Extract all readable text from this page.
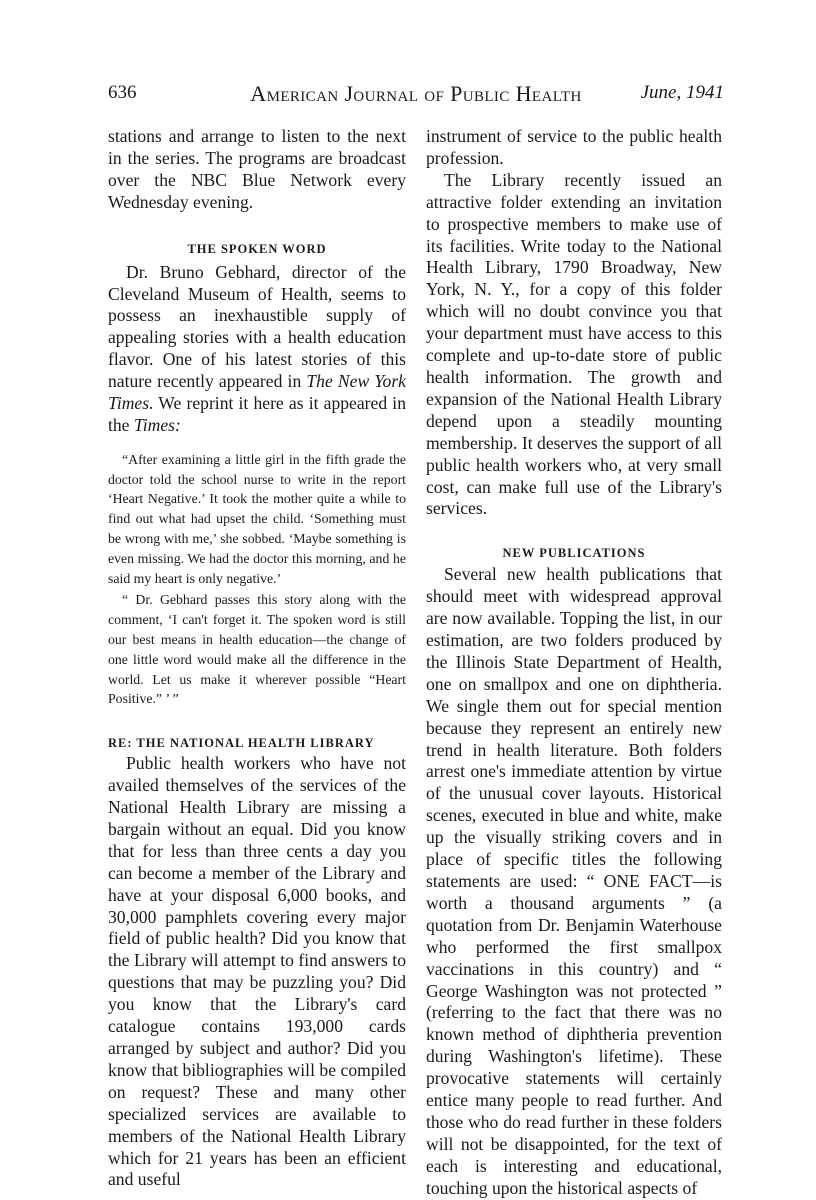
636	American Journal of Public Health	June, 1941

stations and arrange to listen to the next in the series. The programs are broadcast over the NBC Blue Network every Wednesday evening.

THE SPOKEN WORD

Dr. Bruno Gebhard, director of the Cleveland Museum of Health, seems to possess an inexhaustible supply of appealing stories with a health education flavor. One of his latest stories of this nature recently appeared in The New York Times. We reprint it here as it appeared in the Times:

“After examining a little girl in the fifth grade the doctor told the school nurse to write in the report ‘Heart Negative.’ It took the mother quite a while to find out what had upset the child. ‘Something must be wrong with me,’ she sobbed. ‘Maybe something is even missing. We had the doctor this morning, and he said my heart is only negative.’

“ Dr. Gebhard passes this story along with the comment, ‘I can't forget it. The spoken word is still our best means in health education—the change of one little word would make all the difference in the world. Let us make it wherever possible “Heart Positive.” ’ ”

RE: THE NATIONAL HEALTH LIBRARY

Public health workers who have not availed themselves of the services of the National Health Library are missing a bargain without an equal. Did you know that for less than three cents a day you can become a member of the Library and have at your disposal 6,000 books, and 30,000 pamphlets covering every major field of public health? Did you know that the Library will attempt to find answers to questions that may be puzzling you? Did you know that the Library's card catalogue contains 193,000 cards arranged by subject and author? Did you know that bibliographies will be compiled on request? These and many other specialized services are available to members of the National Health Library which for 21 years has been an efficient and useful

instrument of service to the public health profession.

The Library recently issued an attractive folder extending an invitation to prospective members to make use of its facilities. Write today to the National Health Library, 1790 Broadway, New York, N. Y., for a copy of this folder which will no doubt convince you that your department must have access to this complete and up-to-date store of public health information. The growth and expansion of the National Health Library depend upon a steadily mounting membership. It deserves the support of all public health workers who, at very small cost, can make full use of the Library's services.

NEW PUBLICATIONS

Several new health publications that should meet with widespread approval are now available. Topping the list, in our estimation, are two folders produced by the Illinois State Department of Health, one on smallpox and one on diphtheria. We single them out for special mention because they represent an entirely new trend in health literature. Both folders arrest one's immediate attention by virtue of the unusual cover layouts. Historical scenes, executed in blue and white, make up the visually striking covers and in place of specific titles the following statements are used: “ ONE FACT—is worth a thousand arguments ” (a quotation from Dr. Benjamin Waterhouse who performed the first smallpox vaccinations in this country) and “ George Washington was not protected ” (referring to the fact that there was no known method of diphtheria prevention during Washington's lifetime). These provocative statements will certainly entice many people to read further. And those who do read further in these folders will not be disappointed, for the text of each is interesting and educational, touching upon the historical aspects of
